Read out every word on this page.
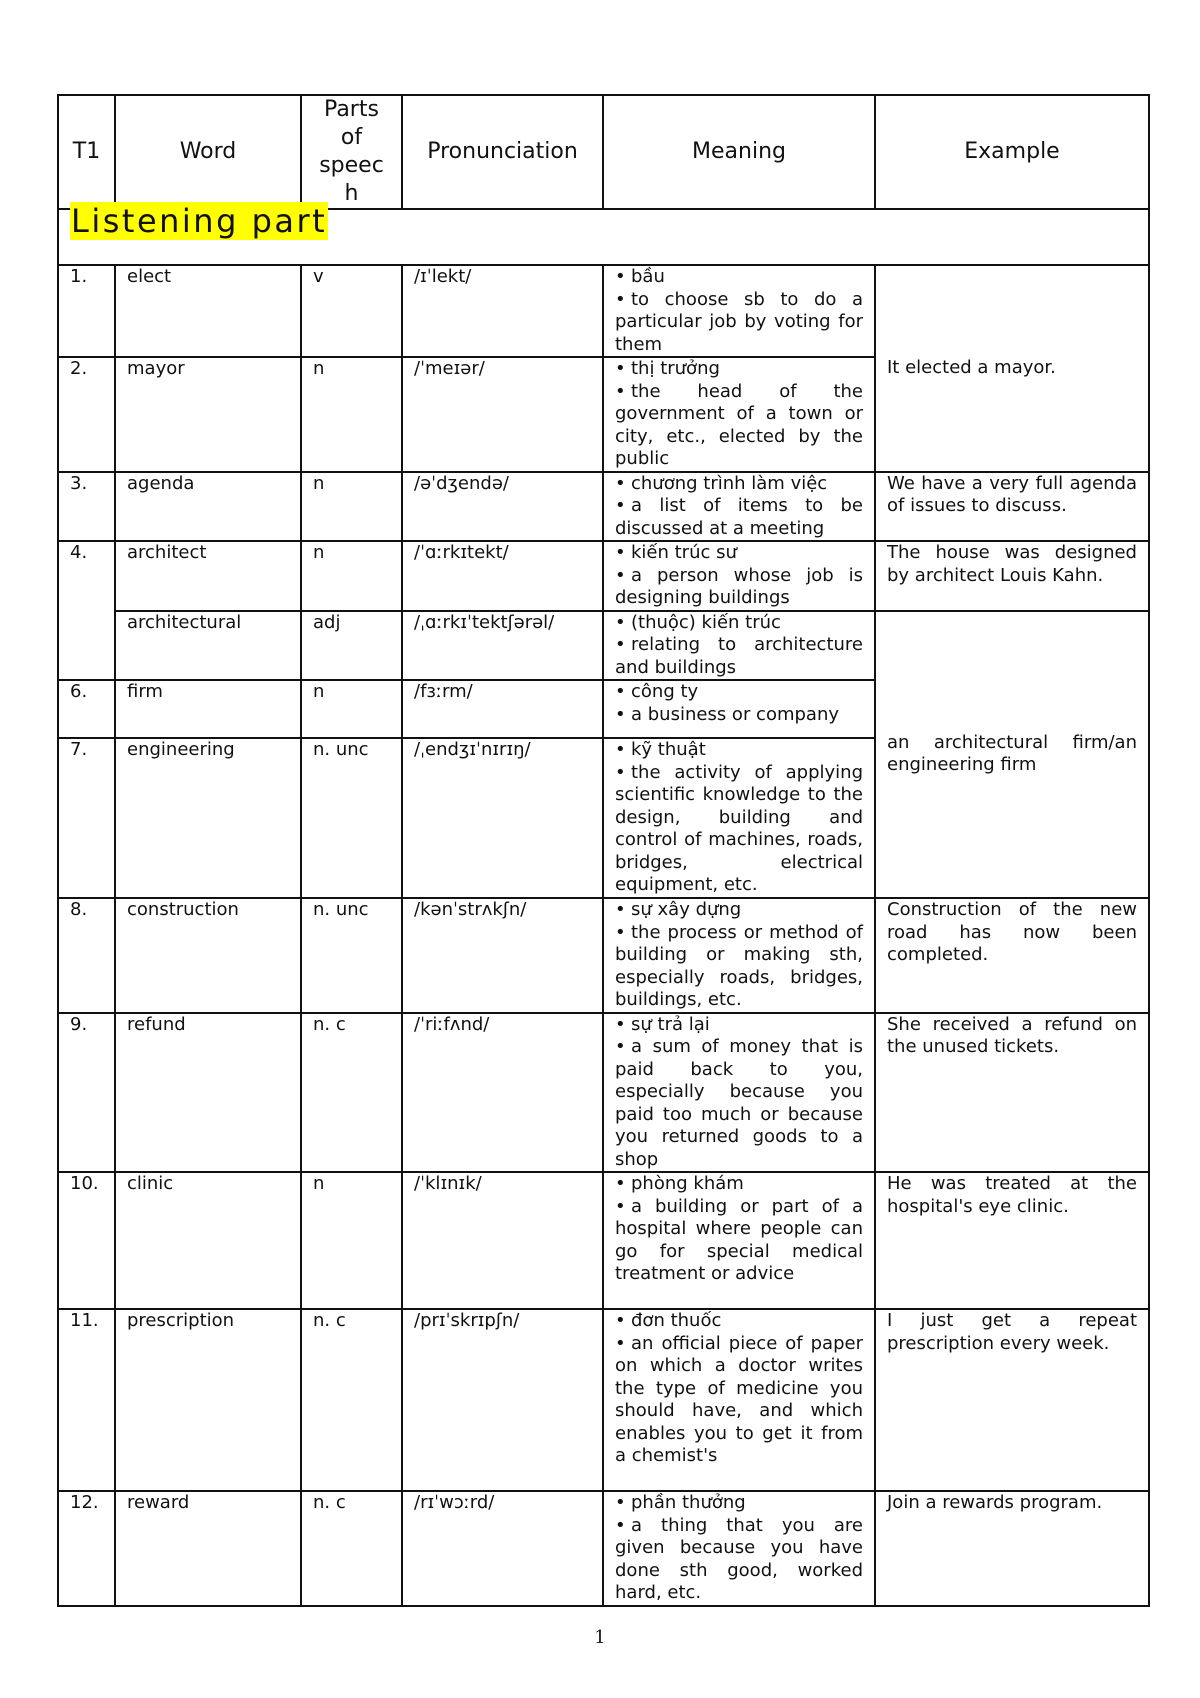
T1	Word	Parts of speec h	Pronunciation	Meaning	Example
Listening part					
1.	elect	v	/ɪˈlekt/	• bầu
• to choose sb to do a particular job by voting for them	It elected a mayor.
2.	mayor	n	/ˈmeɪər/	• thị trưởng
• the head of the government of a town or city, etc., elected by the public	

3.	agenda	n	/əˈdʒendə/	• chương trình làm việc
• a list of items to be discussed at a meeting	We have a very full agenda of issues to discuss.
4.	architect	n	/ˈɑːrkɪtekt/	• kiến trúc sư
• a person whose job is designing buildings	The house was designed by architect Louis Kahn.
	architectural	adj	/ˌɑːrkɪˈtektʃərəl/	• (thuộc) kiến trúc
• relating to architecture and buildings	an architectural firm/an engineering firm
6.	firm	n	/fɜːrm/	• công ty
• a business or company	

7.	engineering	n. unc	/ˌendʒɪˈnɪrɪŋ/	• kỹ thuật
• the activity of applying scientific knowledge to the design, building and control of machines, roads, bridges, electrical equipment, etc.	

8.	construction	n. unc	/kənˈstrʌkʃn/	• sự xây dựng
• the process or method of building or making sth, especially roads, bridges, buildings, etc.	Construction of the new road has now been completed.
9.	refund	n. c	/ˈriːfʌnd/	• sự trả lại
• a sum of money that is paid back to you, especially because you paid too much or because you returned goods to a shop	She received a refund on the unused tickets.
10.	clinic	n	/ˈklɪnɪk/	• phòng khám
• a building or part of a hospital where people can go for special medical treatment or advice	He was treated at the hospital's eye clinic.
11.	prescription	n. c	/prɪˈskrɪpʃn/	• đơn thuốc
• an official piece of paper on which a doctor writes the type of medicine you should have, and which enables you to get it from a chemist's	I just get a repeat prescription every week.
12.	reward	n. c	/rɪˈwɔːrd/	• phần thưởng
• a thing that you are given because you have done sth good, worked hard, etc.	Join a rewards program.
1
